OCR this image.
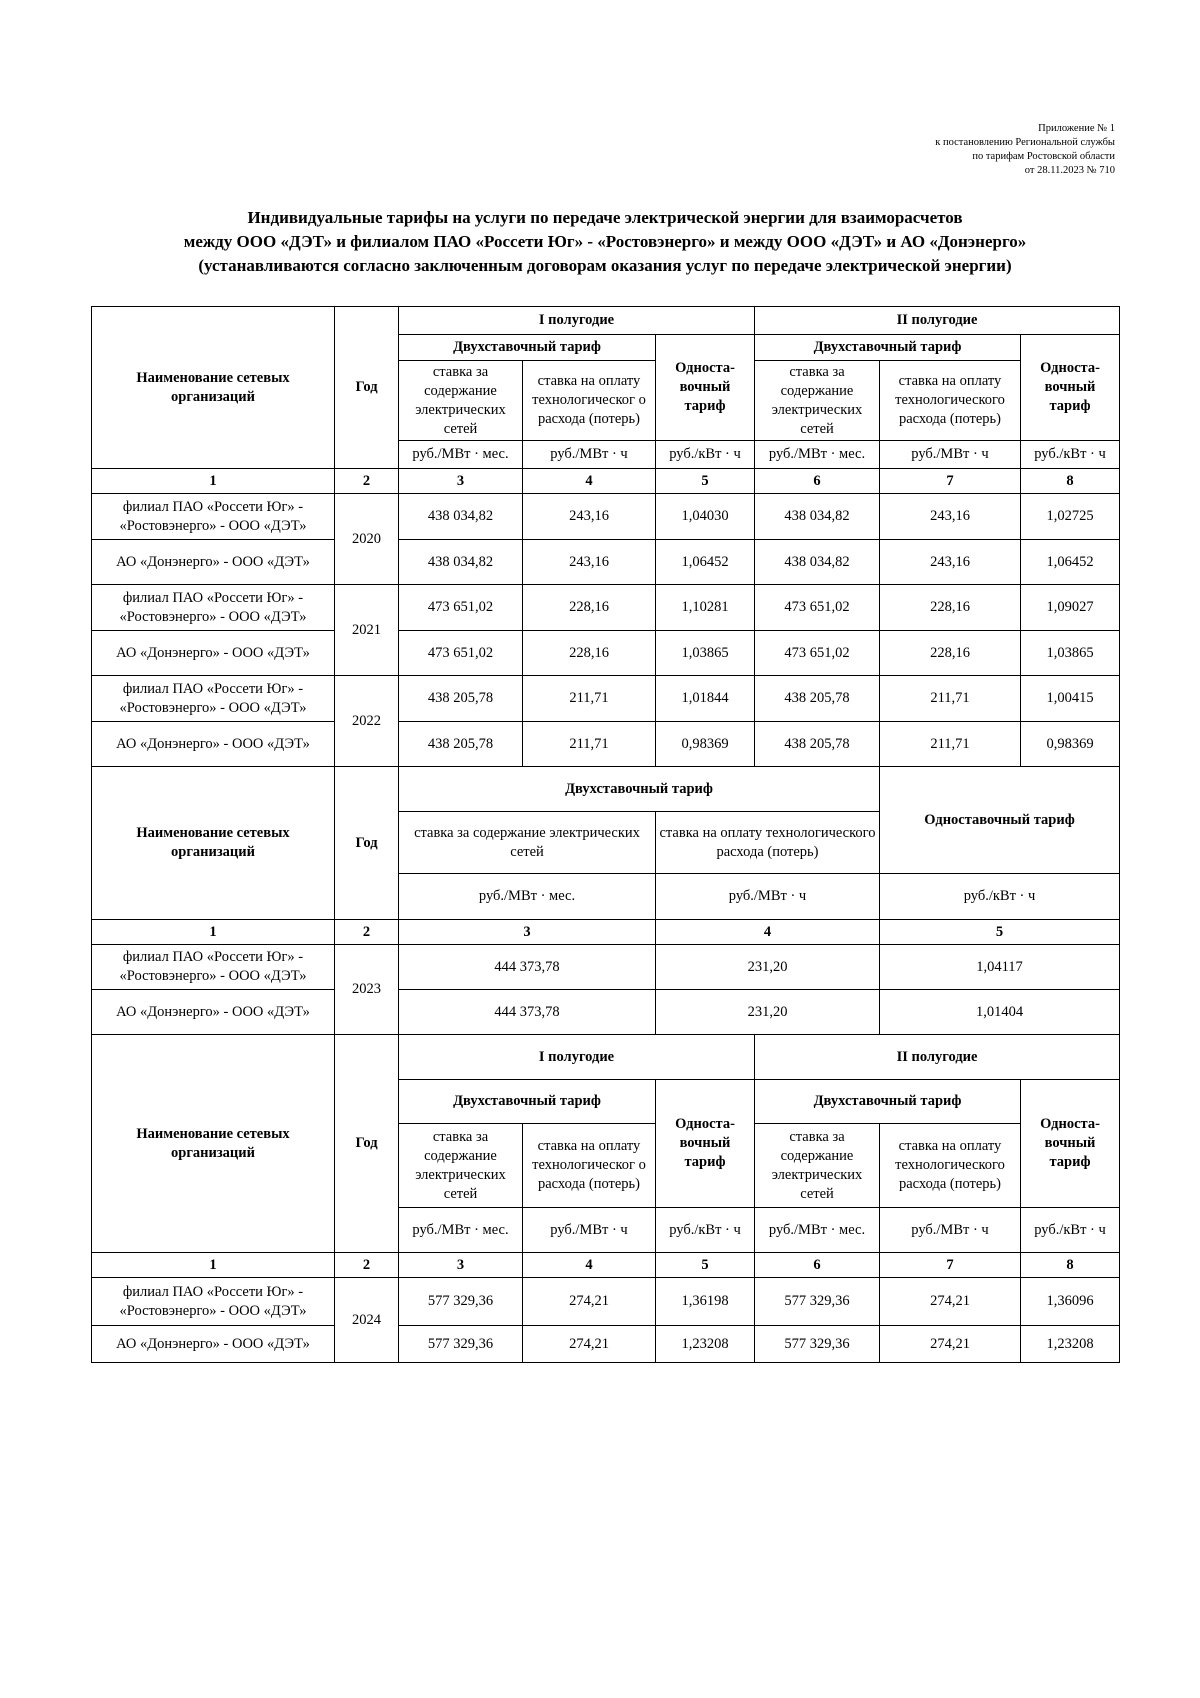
Приложение № 1
к постановлению Региональной службы
по тарифам Ростовской области
от 28.11.2023 № 710
Индивидуальные тарифы на услуги по передаче электрической энергии для взаиморасчетов
между ООО «ДЭТ» и филиалом ПАО «Россети Юг» - «Ростовэнерго» и между ООО «ДЭТ» и АО «Донэнерго»
(устанавливаются согласно заключенным договорам оказания услуг по передаче электрической энергии)
Наименование сетевых организаций	Год	I полугодие			II полугодие		
		Двухставочный тариф		Односта-вочный тариф	Двухставочный тариф		Односта-вочный тариф
		ставка за содержание электрических сетей	ставка на оплату технологическог о расхода (потерь)		ставка за содержание электрических сетей	ставка на оплату технологического расхода (потерь)	
		руб./МВт · мес.	руб./МВт · ч	руб./кВт · ч	руб./МВт · мес.	руб./МВт · ч	руб./кВт · ч
1	2	3	4	5	6	7	8
филиал ПАО «Россети Юг» - «Ростовэнерго» - ООО «ДЭТ»	2020	438 034,82	243,16	1,04030	438 034,82	243,16	1,02725
АО «Донэнерго» - ООО «ДЭТ»		438 034,82	243,16	1,06452	438 034,82	243,16	1,06452
филиал ПАО «Россети Юг» - «Ростовэнерго» - ООО «ДЭТ»	2021	473 651,02	228,16	1,10281	473 651,02	228,16	1,09027
АО «Донэнерго» - ООО «ДЭТ»		473 651,02	228,16	1,03865	473 651,02	228,16	1,03865
филиал ПАО «Россети Юг» - «Ростовэнерго» - ООО «ДЭТ»	2022	438 205,78	211,71	1,01844	438 205,78	211,71	1,00415
АО «Донэнерго» - ООО «ДЭТ»		438 205,78	211,71	0,98369	438 205,78	211,71	0,98369
Наименование сетевых организаций	Год	Двухставочный тариф				Одноставочный тариф	
		ставка за содержание электрических сетей		ставка на оплату технологического расхода (потерь)			
		руб./МВт · мес.		руб./МВт · ч		руб./кВт · ч	
1	2	3		4		5	
филиал ПАО «Россети Юг» - «Ростовэнерго» - ООО «ДЭТ»	2023	444 373,78		231,20		1,04117	
АО «Донэнерго» - ООО «ДЭТ»		444 373,78		231,20		1,01404	
Наименование сетевых организаций	Год	I полугодие			II полугодие		
		Двухставочный тариф		Односта-вочный тариф	Двухставочный тариф		Односта-вочный тариф
		ставка за содержание электрических сетей	ставка на оплату технологическог о расхода (потерь)		ставка за содержание электрических сетей	ставка на оплату технологического расхода (потерь)	
		руб./МВт · мес.	руб./МВт · ч	руб./кВт · ч	руб./МВт · мес.	руб./МВт · ч	руб./кВт · ч
1	2	3	4	5	6	7	8
филиал ПАО «Россети Юг» - «Ростовэнерго» - ООО «ДЭТ»	2024	577 329,36	274,21	1,36198	577 329,36	274,21	1,36096
АО «Донэнерго» - ООО «ДЭТ»		577 329,36	274,21	1,23208	577 329,36	274,21	1,23208
